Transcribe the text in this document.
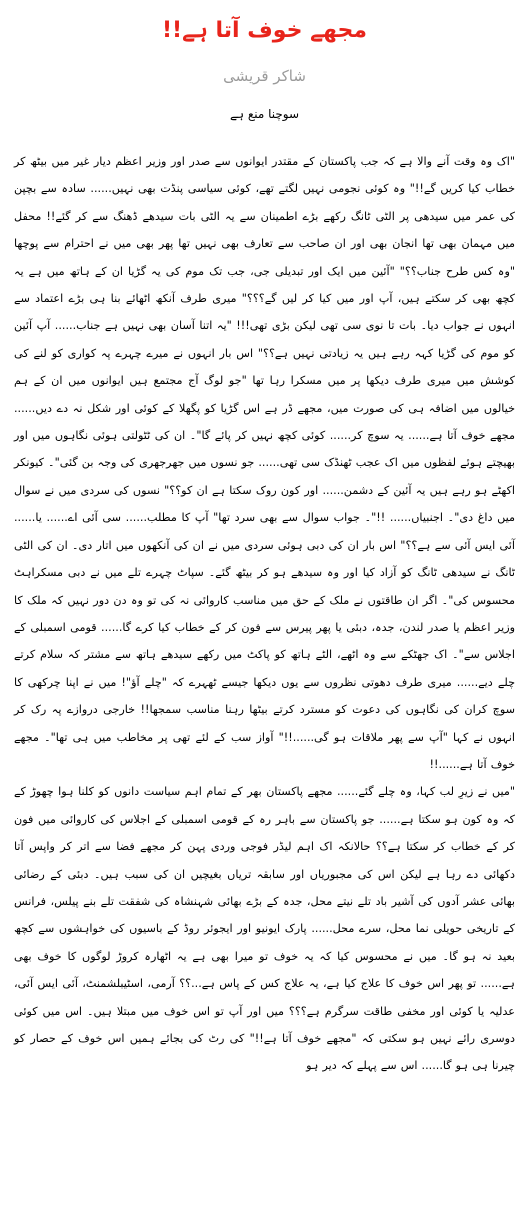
مجھے خوف آتا ہے!!
شاکر قریشی
سوچنا منع ہے

"اک وہ وقت آنے والا ہے کہ جب پاکستان کے مقتدر ایوانوں سے صدر اور وزیر اعظم دیار غیر میں بیٹھ کر خطاب کیا کریں گے!!" وہ کوئی نجومی نہیں لگتے تھے، کوئی سیاسی پنڈت بھی نہیں...... سادہ سے بچپن کی عمر میں سیدھی پر الٹی ٹانگ رکھے بڑے اطمینان سے یہ الٹی بات سیدھے ڈھنگ سے کر گئے!! محفل میں مہمان بھی تھا انجان بھی اور ان صاحب سے تعارف بھی نہیں تھا پھر بھی میں نے احترام سے پوچھا "وہ کس طرح جناب؟؟" "آئین میں ایک اور تبدیلی جی، جب تک موم کی یہ گڑیا ان کے ہاتھ میں ہے یہ کچھ بھی کر سکتے ہیں، آپ اور میں کیا کر لیں گے؟؟؟" میری طرف آنکھ اٹھائے بنا ہی بڑے اعتماد سے انہوں نے جواب دیا۔ بات تا نوی سی تھی لیکن بڑی تھی!!! "یہ اتنا آسان بھی نہیں ہے جناب...... آپ آئین کو موم کی گڑیا کہہ رہے ہیں یہ زیادتی نہیں ہے؟؟" اس بار انہوں نے میرے چہرے پہ کواری کو لنے کی کوشش میں میری طرف دیکھا پر میں مسکرا رہا تھا "جو لوگ آج مجتمع ہیں ایوانوں میں ان کے ہم خیالوں میں اضافہ ہی کی صورت میں، مجھے ڈر ہے اس گڑیا کو پگھلا کے کوئی اور شکل نہ دے دیں...... مجھے خوف آتا ہے...... یہ سوچ کر...... کوئی کچھ نہیں کر پائے گا"۔ ان کی ٹٹولتی ہوئی نگاہوں میں اور بھیچتے ہوئے لفظوں میں اک عجب ٹھنڈک سی تھی...... جو نسوں میں جھرجھری کی وجہ بن گئی"۔ کیونکر اکھٹے ہو رہے ہیں یہ آئین کے دشمن...... اور کون روک سکتا ہے ان کو؟؟" نسوں کی سردی میں نے سوال میں داغ دی"۔ اجنبیاں...... !!"۔ جواب سوال سے بھی سرد تھا" آپ کا مطلب...... سی آئی اے...... یا...... آئی ایس آئی سے ہے؟؟" اس بار ان کی دبی ہوئی سردی میں نے ان کی آنکھوں میں اتار دی۔ ان کی الٹی ٹانگ نے سیدھی ٹانگ کو آزاد کیا اور وہ سیدھے ہو کر بیٹھ گئے۔ سپاٹ چہرے تلے میں نے دبی مسکراہٹ محسوس کی"۔ اگر ان طاقتوں نے ملک کے حق میں مناسب کاروائی نہ کی تو وہ دن دور نہیں کہ ملک کا وزیر اعظم یا صدر لندن، جدہ، دبئی یا پھر پیرس سے فون کر کے خطاب کیا کرے گا...... قومی اسمبلی کے اجلاس سے"۔ اک جھٹکے سے وہ اٹھے، الٹے ہاتھ کو پاکٹ میں رکھے سیدھے ہاتھ سے مشتر کہ سلام کرتے چلے دیے...... میری طرف دھوتی نظروں سے یوں دیکھا جیسے ٹھہرے کہ "چلے آؤ"! میں نے اپنا چرکھی کا سوچ کران کی نگاہوں کی دعوت کو مسترد کرتے بیٹھا رہنا مناسب سمجھا!! خارجی دروازے پہ رک کر انہوں نے کہا "آپ سے پھر ملاقات ہو گی......!!" آواز سب کے لئے تھی پر مخاطب میں ہی تھا"۔ مجھے خوف آتا ہے......!!

"میں نے زیرِ لب کہا، وہ چلے گئے...... مجھے پاکستان بھر کے تمام اہم سیاست دانوں کو کلنا ہوا چھوڑ کے کہ وہ کون ہو سکتا ہے...... جو پاکستان سے باہر رہ کے قومی اسمبلی کے اجلاس کی کاروائی میں فون کر کے خطاب کر سکتا ہے؟؟ حالانکہ اک اہم لیڈر فوجی وردی پہن کر مجھے فضا سے اتر کر واپس آتا دکھائی دے رہا ہے لیکن اس کی مجبوریاں اور سابقہ تریاں بغیچیں ان کی سبب ہیں۔ دبئی کے رضائی بھائی عشر آدوں کی آشیر باد تلے نیتے محل، جدہ کے بڑے بھائی شہنشاہ کی شفقت تلے بنے پیلس، فرانس کے تاریخی حویلی نما محل، سرے محل...... پارک ایونیو اور ایجوئر روڈ کے باسیوں کی خواہشوں سے کچھ بعید نہ ہو گا۔ میں نے محسوس کیا کہ یہ خوف تو میرا بھی ہے یہ اٹھارہ کروڑ لوگوں کا خوف بھی ہے...... تو پھر اس خوف کا علاج کیا ہے، یہ علاج کس کے پاس ہے...؟؟ آرمی، اسٹیبلشمنٹ، آئی ایس آئی، عدلیہ یا کوئی اور مخفی طاقت سرگرم ہے؟؟؟ میں اور آپ تو اس خوف میں مبتلا ہیں۔ اس میں کوئی دوسری رائے نہیں ہو سکتی کہ "مجھے خوف آتا ہے!!" کی رٹ کی بجائے ہمیں اس خوف کے حصار کو چیرنا ہی ہو گا...... اس سے پہلے کہ دیر ہو
